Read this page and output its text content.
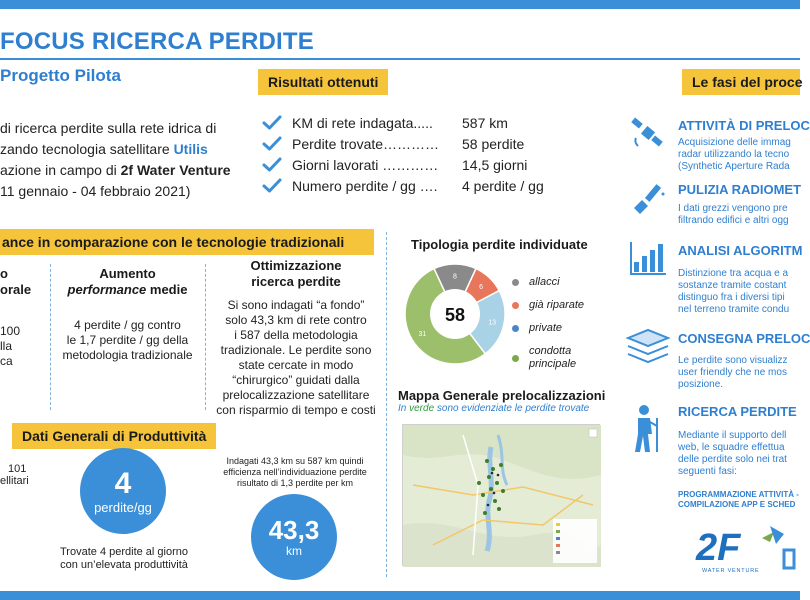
FOCUS RICERCA PERDITE
Progetto Pilota
di ricerca perdite sulla rete idrica di
zando tecnologia satellitare Utilis
azione in campo di 2f Water Venture
11 gennaio - 04 febbraio 2021)
Risultati ottenuti
KM di rete indagata.....	587 km
Perdite trovate…………	58 perdite
Giorni lavorati …………	14,5 giorni
Numero perdite / gg ….	4 perdite / gg
ance in comparazione con le tecnologie tradizionali
o
orale
100
lla
ca
Aumento
performance medie
4 perdite / gg contro
le 1,7 perdite / gg della
metodologia tradizionale
Ottimizzazione
ricerca perdite
Si sono indagati “a fondo”
solo 43,3 km di rete contro
i 587 della metodologia
tradizionale. Le perdite sono
state cercate in modo
“chirurgico” guidati dalla
prelocalizzazione satellitare
con risparmio di tempo e costi
Dati Generali di Produttività
101
ellitari	4
perdite/gg
Trovate 4 perdite al giorno
con un’elevata produttività
Indagati 43,3 km su 587 km quindi
efficienza nell’individuazione perdite
risultato di 1,3 perdite per km
43,3
km
Tipologia perdite individuate
58
8
6
13
31
allacci
già riparate
private
condotta
principale
Mappa Generale prelocalizzazioni
In verde sono evidenziate le perdite trovate
Le fasi del proce
ATTIVITÀ DI PRELOC
Acquisizione delle immag
radar utilizzando la tecno
(Synthetic Aperture Rada
PULIZIA RADIOMET
I dati grezzi vengono pre
filtrando edifici e altri ogg
ANALISI ALGORITM
Distinzione tra acqua e a
sostanze tramite costant
distinguo fra i diversi tipi
nel terreno tramite condu
CONSEGNA PRELOC
Le perdite sono visualizz
user friendly che ne mos
posizione.
RICERCA PERDITE
Mediante il supporto dell
web, le squadre effettua
delle perdite solo nei trat
seguenti fasi:
PROGRAMMAZIONE ATTIVITÀ -
COMPILAZIONE APP E SCHED
2F
WATER VENTURE
